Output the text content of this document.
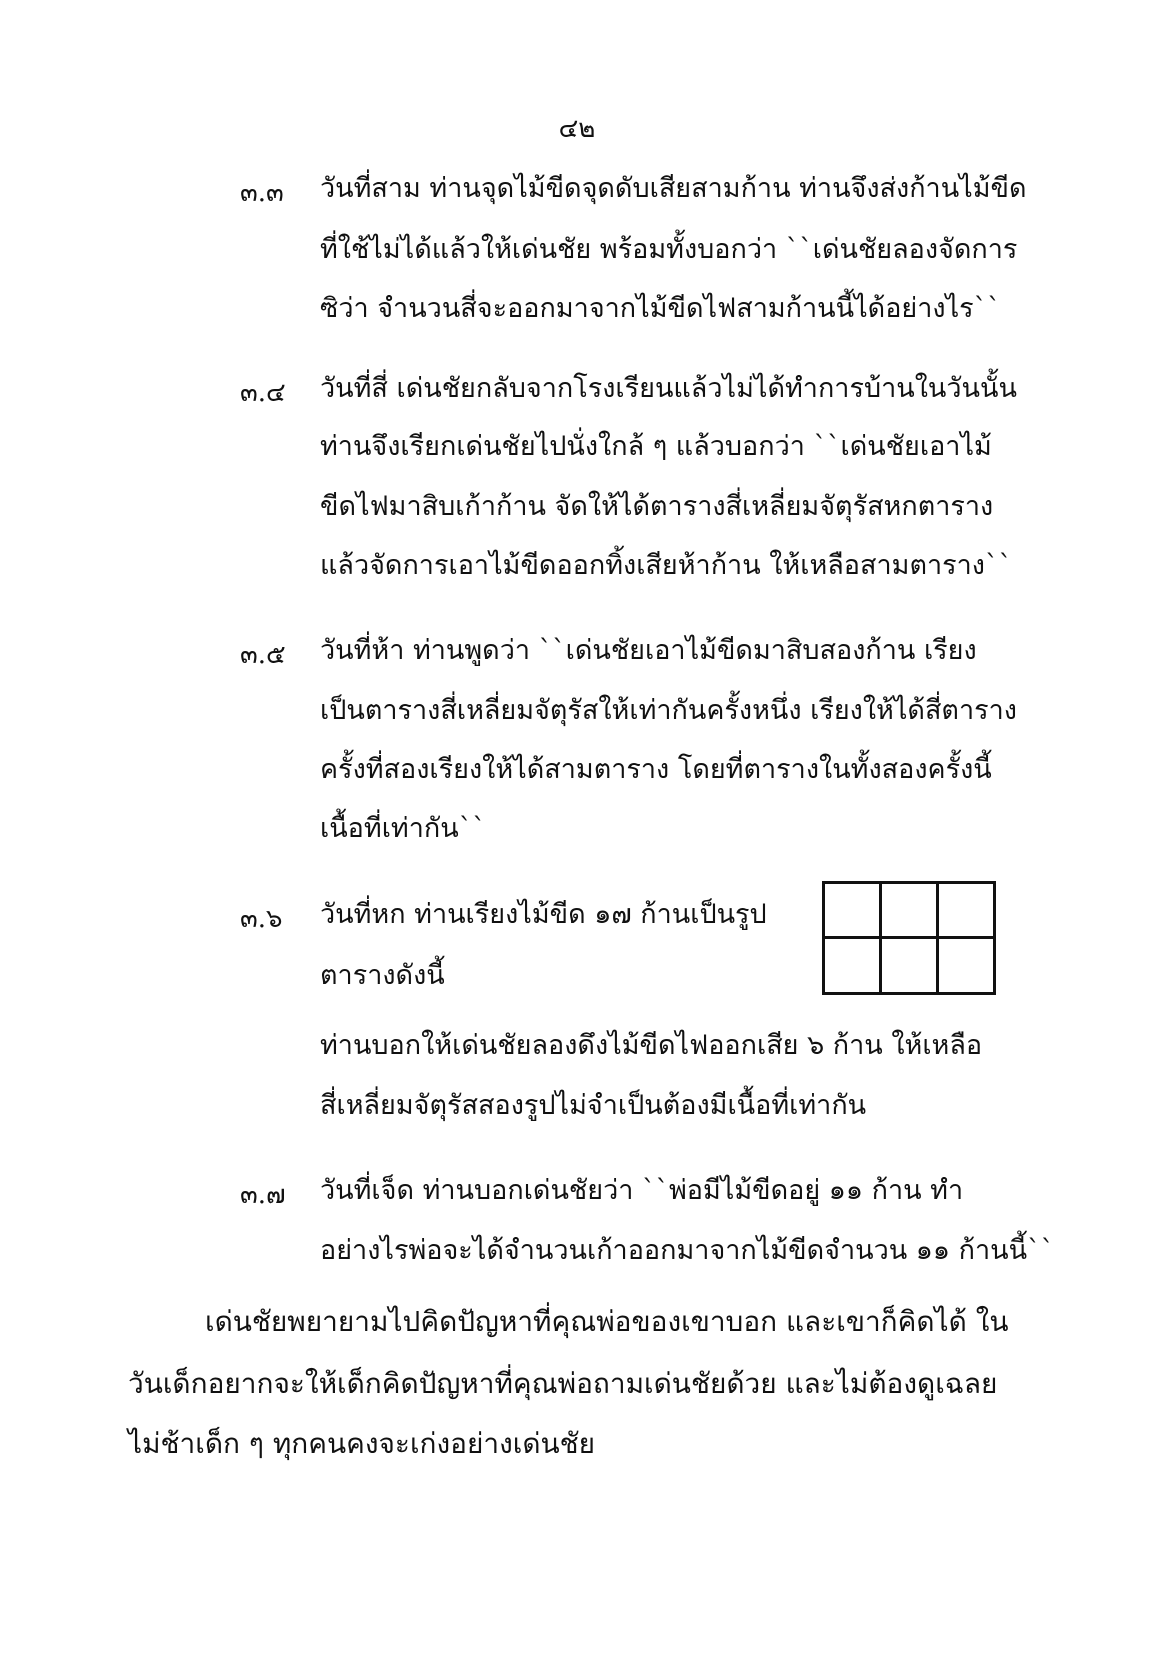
๔๒
๓.๓ วันที่สาม ท่านจุดไม้ขีดจุดดับเสียสามก้าน ท่านจึงส่งก้านไม้ขีด
ที่ใช้ไม่ได้แล้วให้เด่นชัย พร้อมทั้งบอกว่า ``เด่นชัยลองจัดการ
ซิว่า จำนวนสี่จะออกมาจากไม้ขีดไฟสามก้านนี้ได้อย่างไร``
๓.๔ วันที่สี่ เด่นชัยกลับจากโรงเรียนแล้วไม่ได้ทำการบ้านในวันนั้น
ท่านจึงเรียกเด่นชัยไปนั่งใกล้ ๆ แล้วบอกว่า ``เด่นชัยเอาไม้
ขีดไฟมาสิบเก้าก้าน จัดให้ได้ตารางสี่เหลี่ยมจัตุรัสหกตาราง
แล้วจัดการเอาไม้ขีดออกทิ้งเสียห้าก้าน ให้เหลือสามตาราง``
๓.๕ วันที่ห้า ท่านพูดว่า ``เด่นชัยเอาไม้ขีดมาสิบสองก้าน เรียง
เป็นตารางสี่เหลี่ยมจัตุรัสให้เท่ากันครั้งหนึ่ง เรียงให้ได้สี่ตาราง
ครั้งที่สองเรียงให้ได้สามตาราง โดยที่ตารางในทั้งสองครั้งนี้
เนื้อที่เท่ากัน``
๓.๖ วันที่หก ท่านเรียงไม้ขีด ๑๗ ก้านเป็นรูป
ตารางดังนี้
ท่านบอกให้เด่นชัยลองดึงไม้ขีดไฟออกเสีย ๖ ก้าน ให้เหลือ
สี่เหลี่ยมจัตุรัสสองรูปไม่จำเป็นต้องมีเนื้อที่เท่ากัน
๓.๗ วันที่เจ็ด ท่านบอกเด่นชัยว่า ``พ่อมีไม้ขีดอยู่ ๑๑ ก้าน ทำ
อย่างไรพ่อจะได้จำนวนเก้าออกมาจากไม้ขีดจำนวน ๑๑ ก้านนี้``
เด่นชัยพยายามไปคิดปัญหาที่คุณพ่อของเขาบอก และเขาก็คิดได้ ใน
วันเด็กอยากจะให้เด็กคิดปัญหาที่คุณพ่อถามเด่นชัยด้วย และไม่ต้องดูเฉลย
ไม่ช้าเด็ก ๆ ทุกคนคงจะเก่งอย่างเด่นชัย
